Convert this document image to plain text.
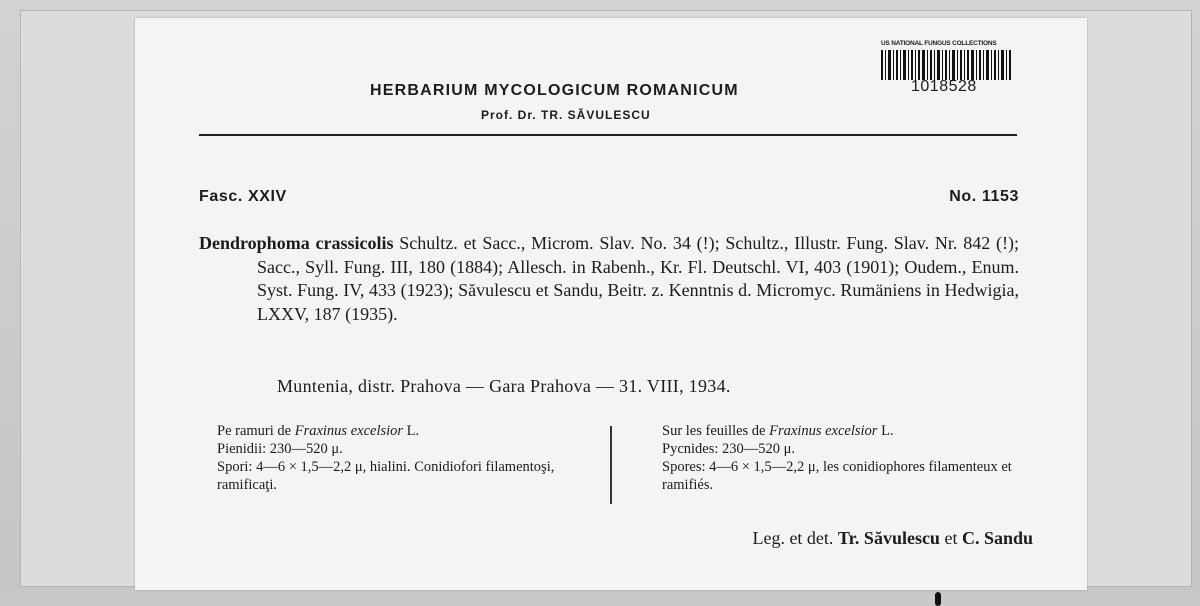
US NATIONAL FUNGUS COLLECTIONS
1018528
HERBARIUM MYCOLOGICUM ROMANICUM
Prof. Dr. TR. SĂVULESCU
Fasc. XXIV	No. 1153

Dendrophoma crassicolis Schultz. et Sacc., Microm. Slav. No. 34 (!); Schultz., Illustr. Fung. Slav. Nr. 842 (!); Sacc., Syll. Fung. III, 180 (1884); Allesch. in Rabenh., Kr. Fl. Deutschl. VI, 403 (1901); Oudem., Enum. Syst. Fung. IV, 433 (1923); Săvulescu et Sandu, Beitr. z. Kenntnis d. Micromyc. Rumäniens in Hedwigia, LXXV, 187 (1935).

Muntenia, distr. Prahova — Gara Prahova — 31. VIII, 1934.

Pe ramuri de Fraxinus excelsior L.

Pienidii: 230—520 μ.

Spori: 4—6 × 1,5—2,2 μ, hialini. Conidiofori filamentoşi, ramificaţi.

Sur les feuilles de Fraxinus excelsior L.

Pycnides: 230—520 μ.

Spores: 4—6 × 1,5—2,2 μ, les conidiophores filamenteux et ramifiés.

Leg. et det. Tr. Săvulescu et C. Sandu
